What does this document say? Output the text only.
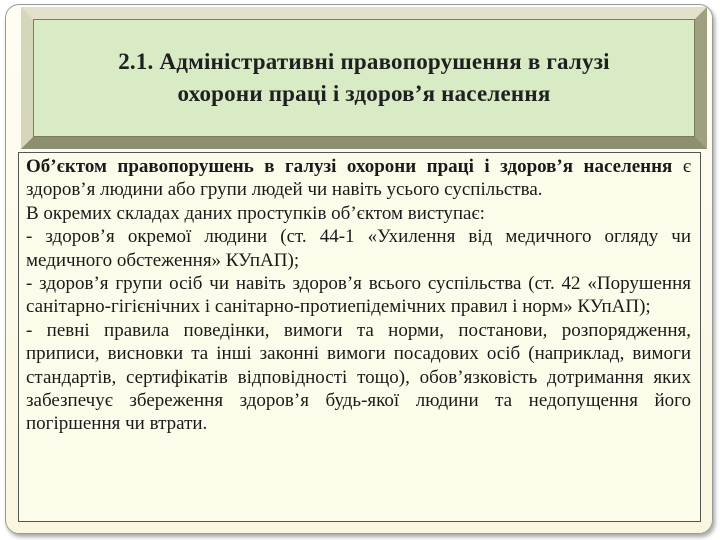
2.1. Адміністративні правопорушення в галузі
охорони праці і здоров’я населення

Об’єктом правопорушень в галузі охорони праці і здоров’я населення є здоров’я людини або групи людей чи навіть усього суспільства.

В окремих складах даних проступків об’єктом виступає:

- здоров’я окремої людини (ст. 44-1 «Ухилення від медичного огляду чи медичного обстеження» КУпАП);

- здоров’я групи осіб чи навіть здоров’я всього суспільства (ст. 42 «Порушення санітарно-гігієнічних і санітарно-протиепідемічних правил і норм» КУпАП);

- певні правила поведінки, вимоги та норми, постанови, розпорядження, приписи, висновки та інші законні вимоги посадових осіб (наприклад, вимоги стандартів, сертифікатів відповідності тощо), обов’язковість дотримання яких забезпечує збереження здоров’я будь-якої людини та недопущення його погіршення чи втрати.
